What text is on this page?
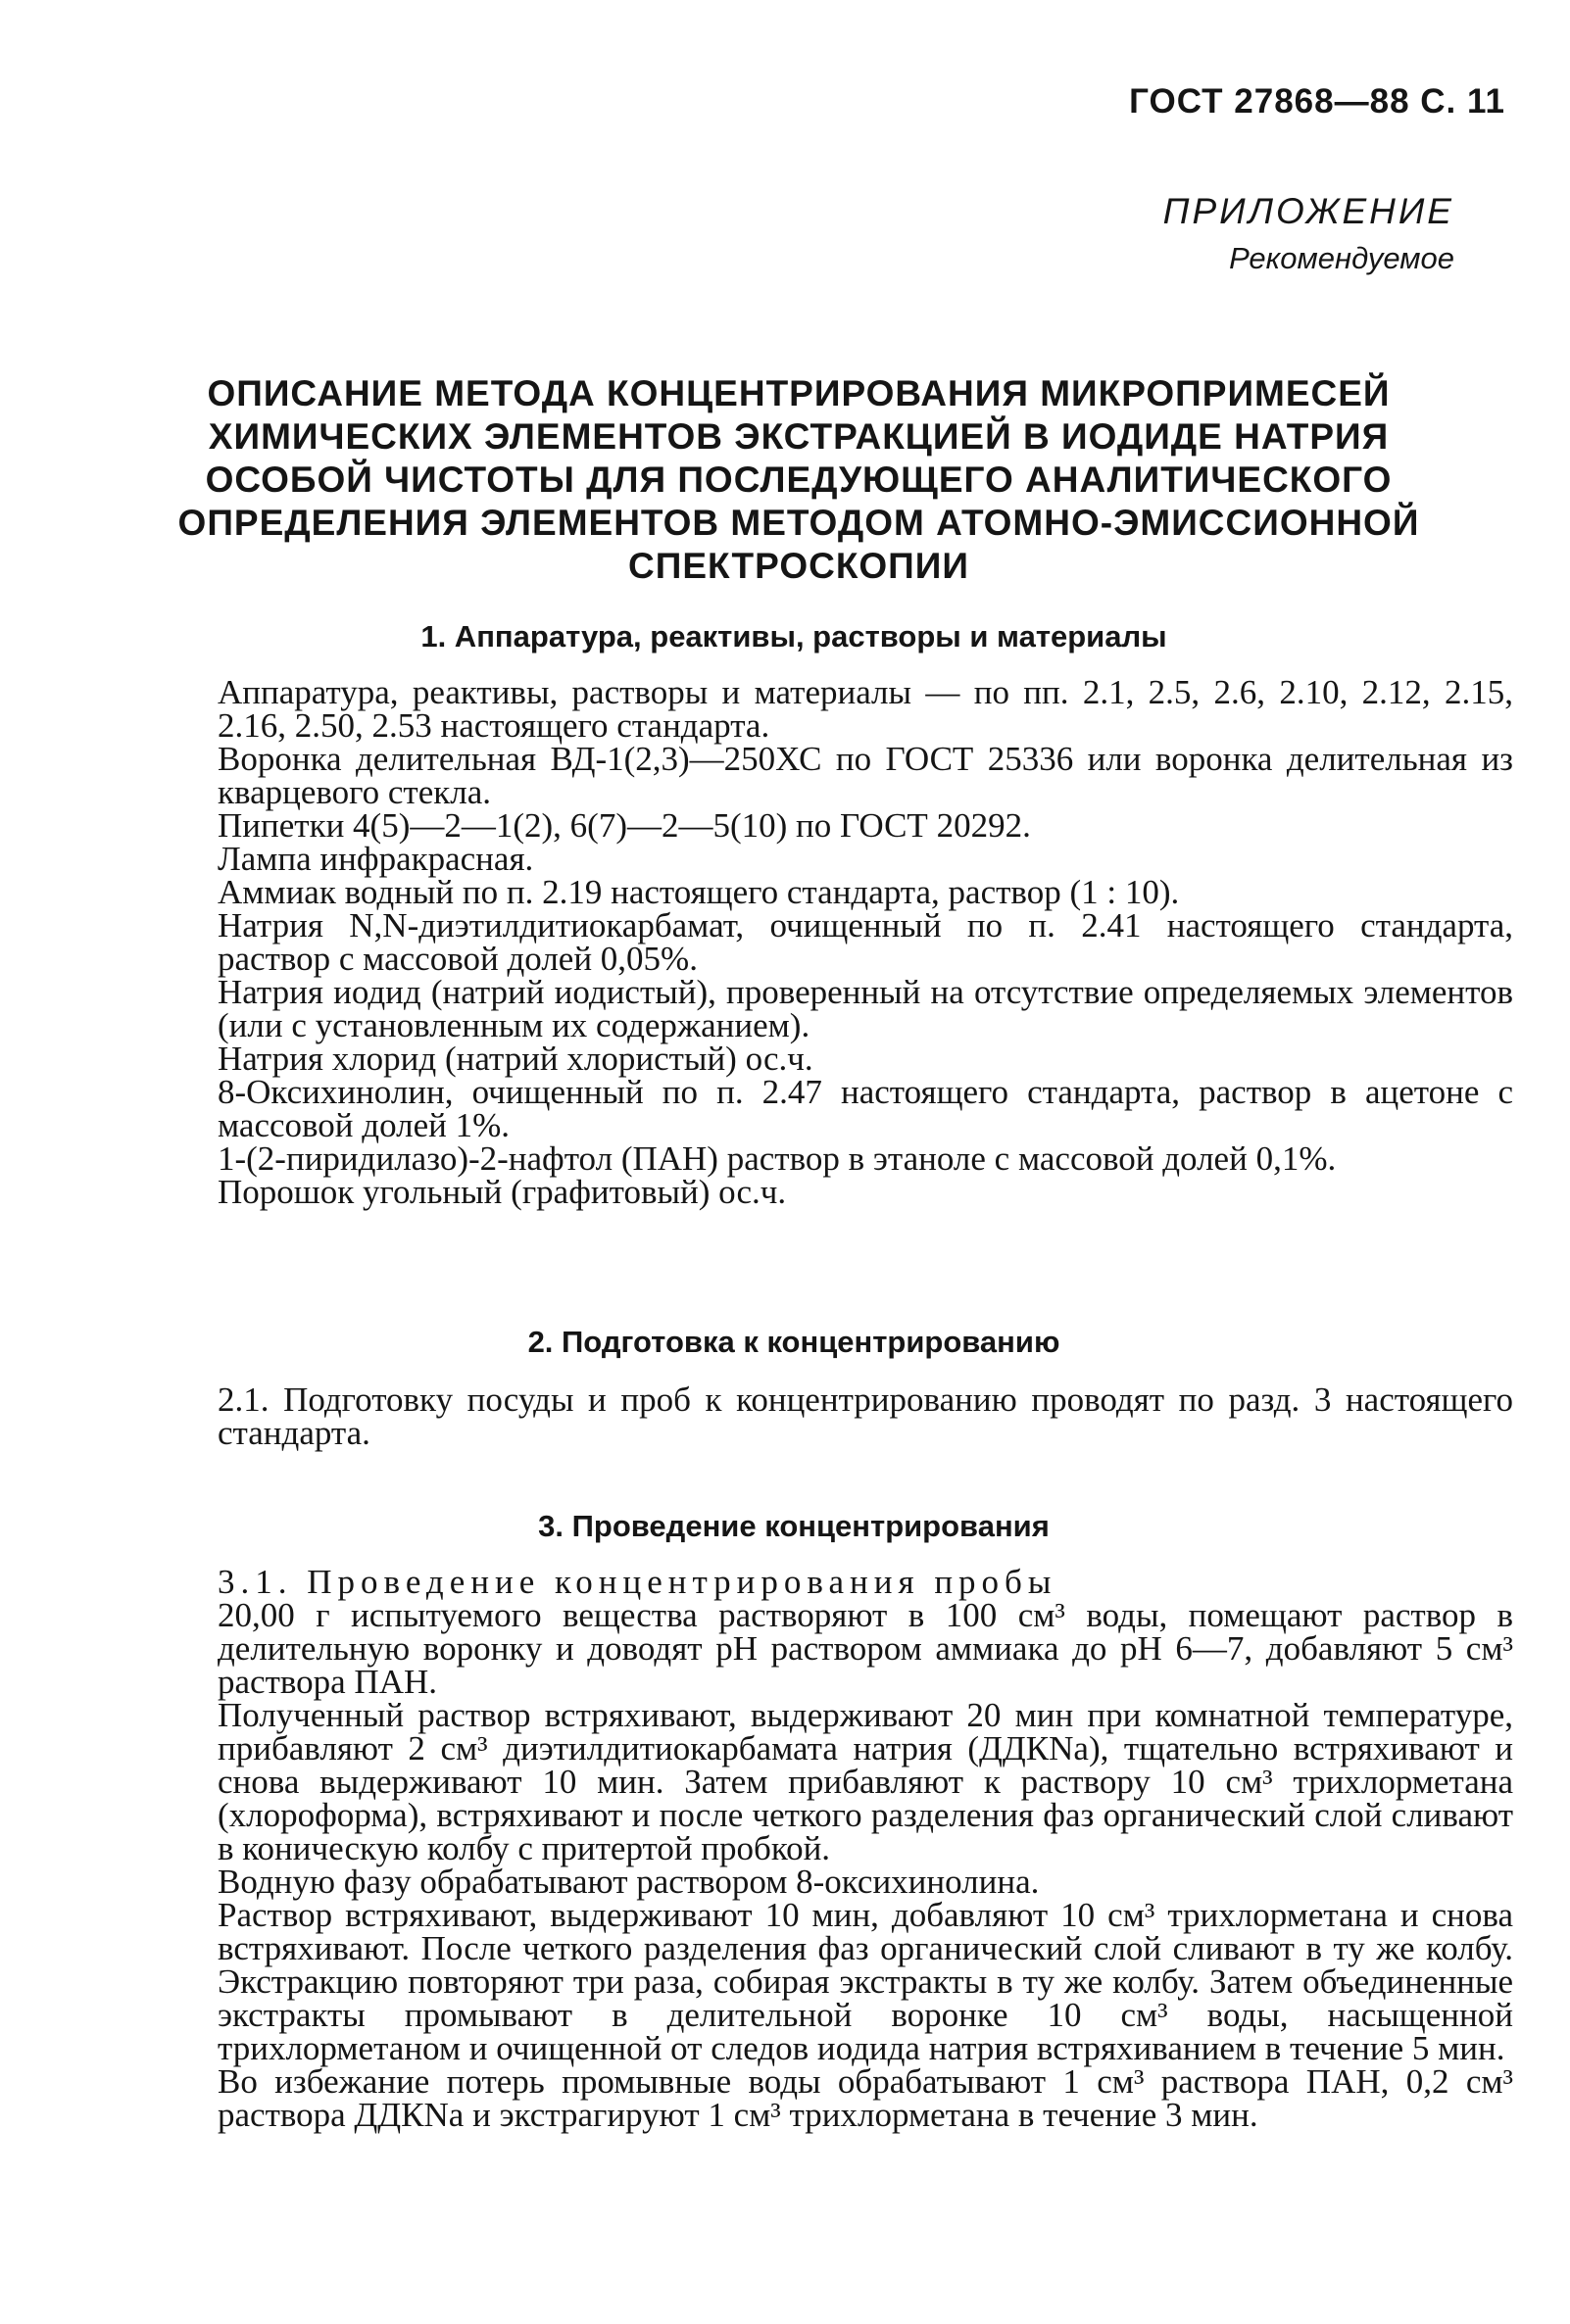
ГОСТ 27868—88 С. 11
ПРИЛОЖЕНИЕ
Рекомендуемое
ОПИСАНИЕ МЕТОДА КОНЦЕНТРИРОВАНИЯ МИКРОПРИМЕСЕЙ
ХИМИЧЕСКИХ ЭЛЕМЕНТОВ ЭКСТРАКЦИЕЙ В ИОДИДЕ НАТРИЯ
ОСОБОЙ ЧИСТОТЫ ДЛЯ ПОСЛЕДУЮЩЕГО АНАЛИТИЧЕСКОГО
ОПРЕДЕЛЕНИЯ ЭЛЕМЕНТОВ МЕТОДОМ АТОМНО-ЭМИССИОННОЙ
СПЕКТРОСКОПИИ
1. Аппаратура, реактивы, растворы и материалы

Аппаратура, реактивы, растворы и материалы — по пп. 2.1, 2.5, 2.6, 2.10, 2.12, 2.15, 2.16, 2.50, 2.53 настоящего стандарта.

Воронка делительная ВД-1(2,3)—250ХС по ГОСТ 25336 или воронка делительная из кварцевого стекла.

Пипетки 4(5)—2—1(2), 6(7)—2—5(10) по ГОСТ 20292.

Лампа инфракрасная.

Аммиак водный по п. 2.19 настоящего стандарта, раствор (1 : 10).

Натрия N,N-диэтилдитиокарбамат, очищенный по п. 2.41 настоящего стандарта, раствор с массовой долей 0,05%.

Натрия иодид (натрий иодистый), проверенный на отсутствие определяемых элементов (или с установленным их содержанием).

Натрия хлорид (натрий хлористый) ос.ч.

8-Оксихинолин, очищенный по п. 2.47 настоящего стандарта, раствор в ацетоне с массовой долей 1%.

1-(2-пиридилазо)-2-нафтол (ПАН) раствор в этаноле с массовой долей 0,1%.

Порошок угольный (графитовый) ос.ч.

2. Подготовка к концентрированию

2.1. Подготовку посуды и проб к концентрированию проводят по разд. 3 настоящего стандарта.

3. Проведение концентрирования

3.1. Проведение концентрирования пробы

20,00 г испытуемого вещества растворяют в 100 см³ воды, помещают раствор в делительную воронку и доводят pH раствором аммиака до pH 6—7, добавляют 5 см³ раствора ПАН.

Полученный раствор встряхивают, выдерживают 20 мин при комнатной температуре, прибавляют 2 см³ диэтилдитиокарбамата натрия (ДДКNa), тщательно встряхивают и снова выдерживают 10 мин. Затем прибавляют к раствору 10 см³ трихлорметана (хлороформа), встряхивают и после четкого разделения фаз органический слой сливают в коническую колбу с притертой пробкой.

Водную фазу обрабатывают раствором 8-оксихинолина.

Раствор встряхивают, выдерживают 10 мин, добавляют 10 см³ трихлорметана и снова встряхивают. После четкого разделения фаз органический слой сливают в ту же колбу. Экстракцию повторяют три раза, собирая экстракты в ту же колбу. Затем объединенные экстракты промывают в делительной воронке 10 см³ воды, насыщенной трихлорметаном и очищенной от следов иодида натрия встряхиванием в течение 5 мин.

Во избежание потерь промывные воды обрабатывают 1 см³ раствора ПАН, 0,2 см³ раствора ДДКNa и экстрагируют 1 см³ трихлорметана в течение 3 мин.
